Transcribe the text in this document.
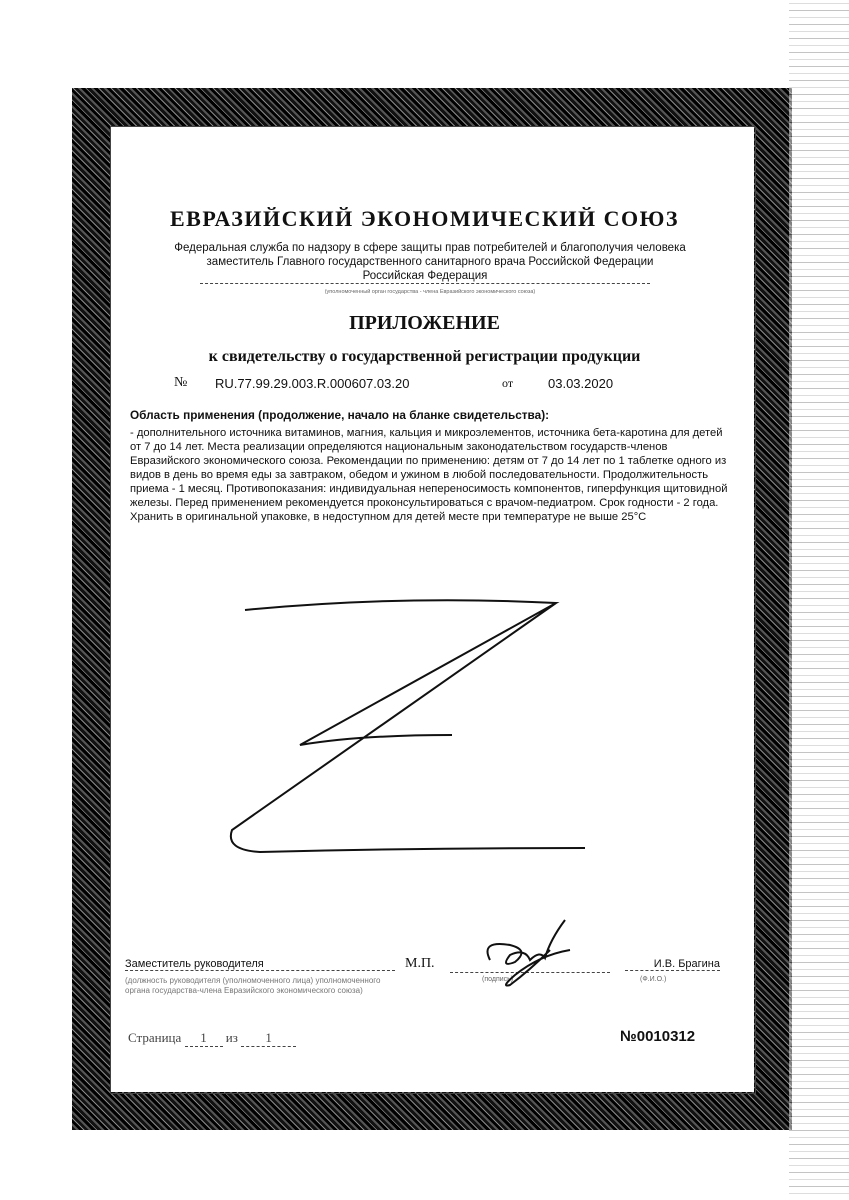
ЕВРАЗИЙСКИЙ ЭКОНОМИЧЕСКИЙ СОЮЗ
Федеральная служба по надзору в сфере защиты прав потребителей и благополучия человека
заместитель Главного государственного санитарного врача Российской Федерации
Российская Федерация
(уполномоченный орган государства - члена Евразийского экономического союза)
ПРИЛОЖЕНИЕ
к свидетельству о государственной регистрации продукции
№ RU.77.99.29.003.R.000607.03.20	от	03.03.2020
Область применения (продолжение, начало на бланке свидетельства):
- дополнительного источника витаминов, магния, кальция и микроэлементов, источника бета-каротина для детей от 7 до 14 лет. Места реализации определяются национальным законодательством государств-членов Евразийского экономического союза. Рекомендации по применению: детям от 7 до 14 лет по 1 таблетке одного из видов в день во время еды за завтраком, обедом и ужином в любой последовательности. Продолжительность приема - 1 месяц. Противопоказания: индивидуальная непереносимость компонентов, гиперфункция щитовидной железы. Перед применением рекомендуется проконсультироваться с врачом-педиатром. Срок годности - 2 года. Хранить в оригинальной упаковке, в недоступном для детей месте при температуре не выше 25°С
Заместитель руководителя
(должность руководителя (уполномоченного лица) уполномоченного органа государства-члена Евразийского экономического союза)
М.П.
(подпись)
И.В. Брагина
(Ф.И.О.)
Страница 1 из 1	№0010312
